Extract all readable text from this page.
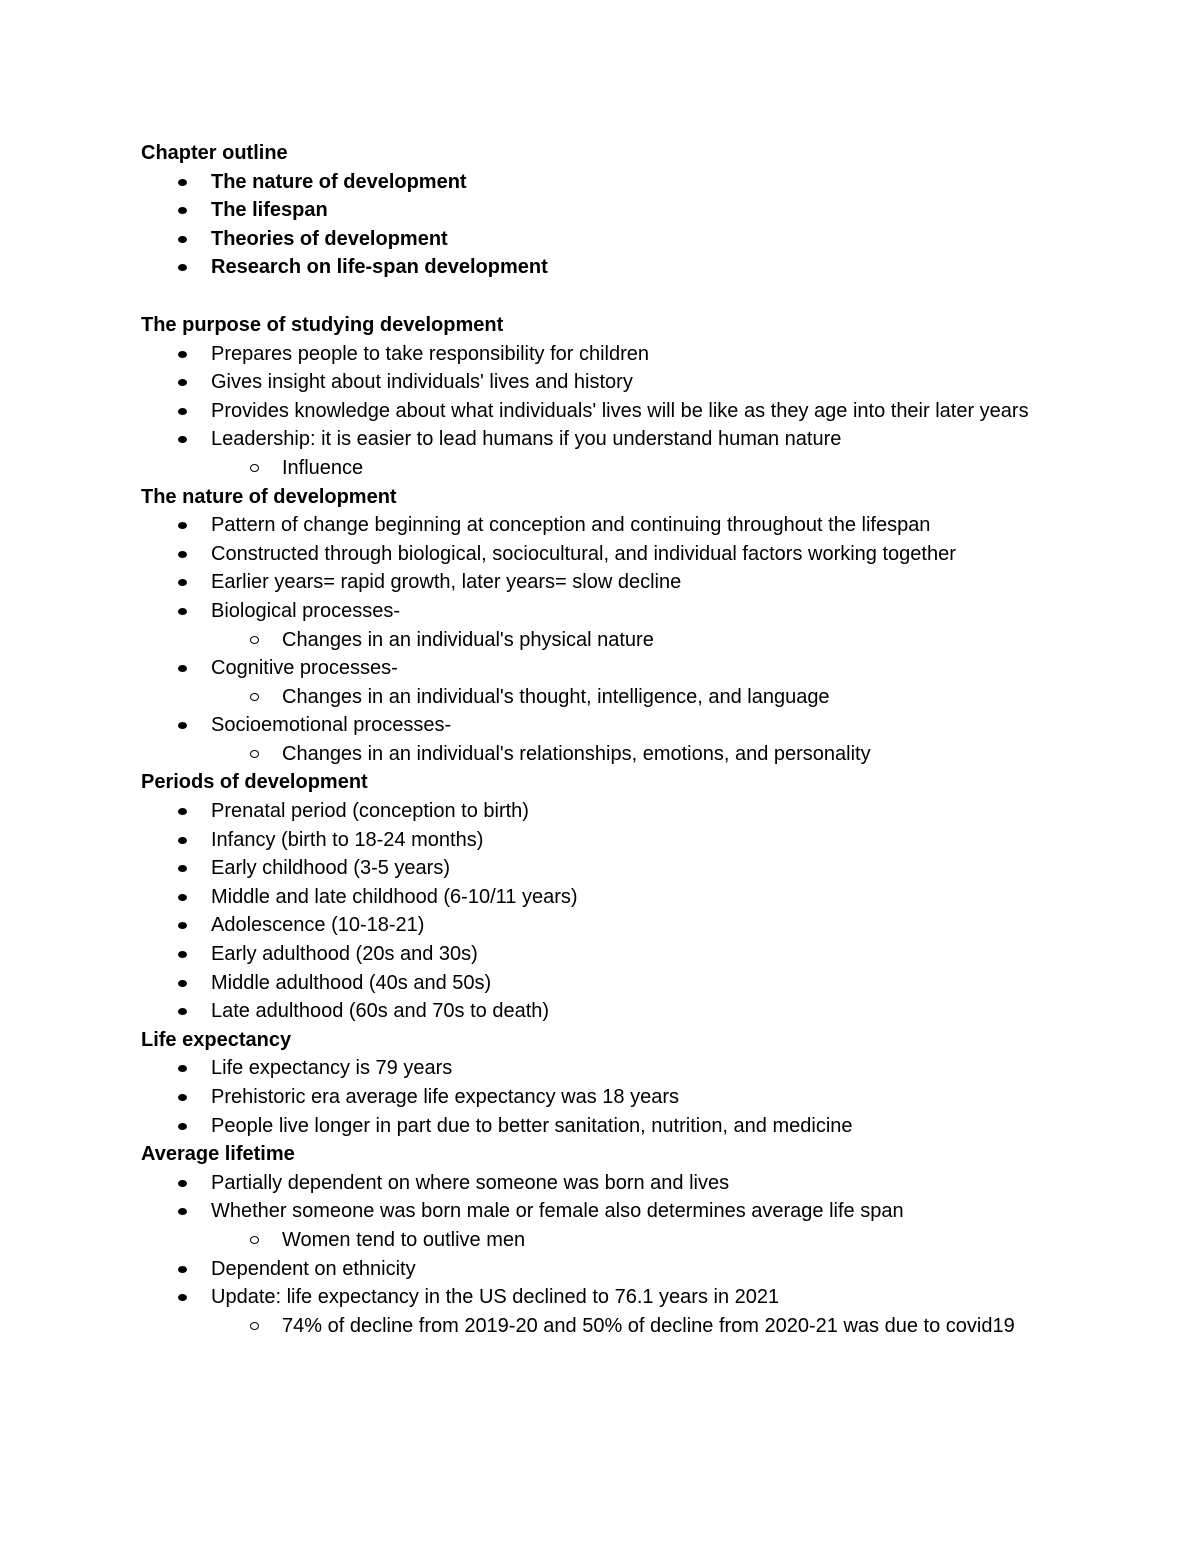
Chapter outline
The nature of development
The lifespan
Theories of development
Research on life-span development
The purpose of studying development
Prepares people to take responsibility for children
Gives insight about individuals' lives and history
Provides knowledge about what individuals' lives will be like as they age into their later years
Leadership: it is easier to lead humans if you understand human nature
Influence
The nature of development
Pattern of change beginning at conception and continuing throughout the lifespan
Constructed through biological, sociocultural, and individual factors working together
Earlier years= rapid growth, later years= slow decline
Biological processes-
Changes in an individual's physical nature
Cognitive processes-
Changes in an individual's thought, intelligence, and language
Socioemotional processes-
Changes in an individual's relationships, emotions, and personality
Periods of development
Prenatal period (conception to birth)
Infancy (birth to 18-24 months)
Early childhood (3-5 years)
Middle and late childhood (6-10/11 years)
Adolescence (10-18-21)
Early adulthood (20s and 30s)
Middle adulthood (40s and 50s)
Late adulthood (60s and 70s to death)
Life expectancy
Life expectancy is 79 years
Prehistoric era average life expectancy was 18 years
People live longer in part due to better sanitation, nutrition, and medicine
Average lifetime
Partially dependent on where someone was born and lives
Whether someone was born male or female also determines average life span
Women tend to outlive men
Dependent on ethnicity
Update: life expectancy in the US declined to 76.1 years in 2021
74% of decline from 2019-20 and 50% of decline from 2020-21 was due to covid19
